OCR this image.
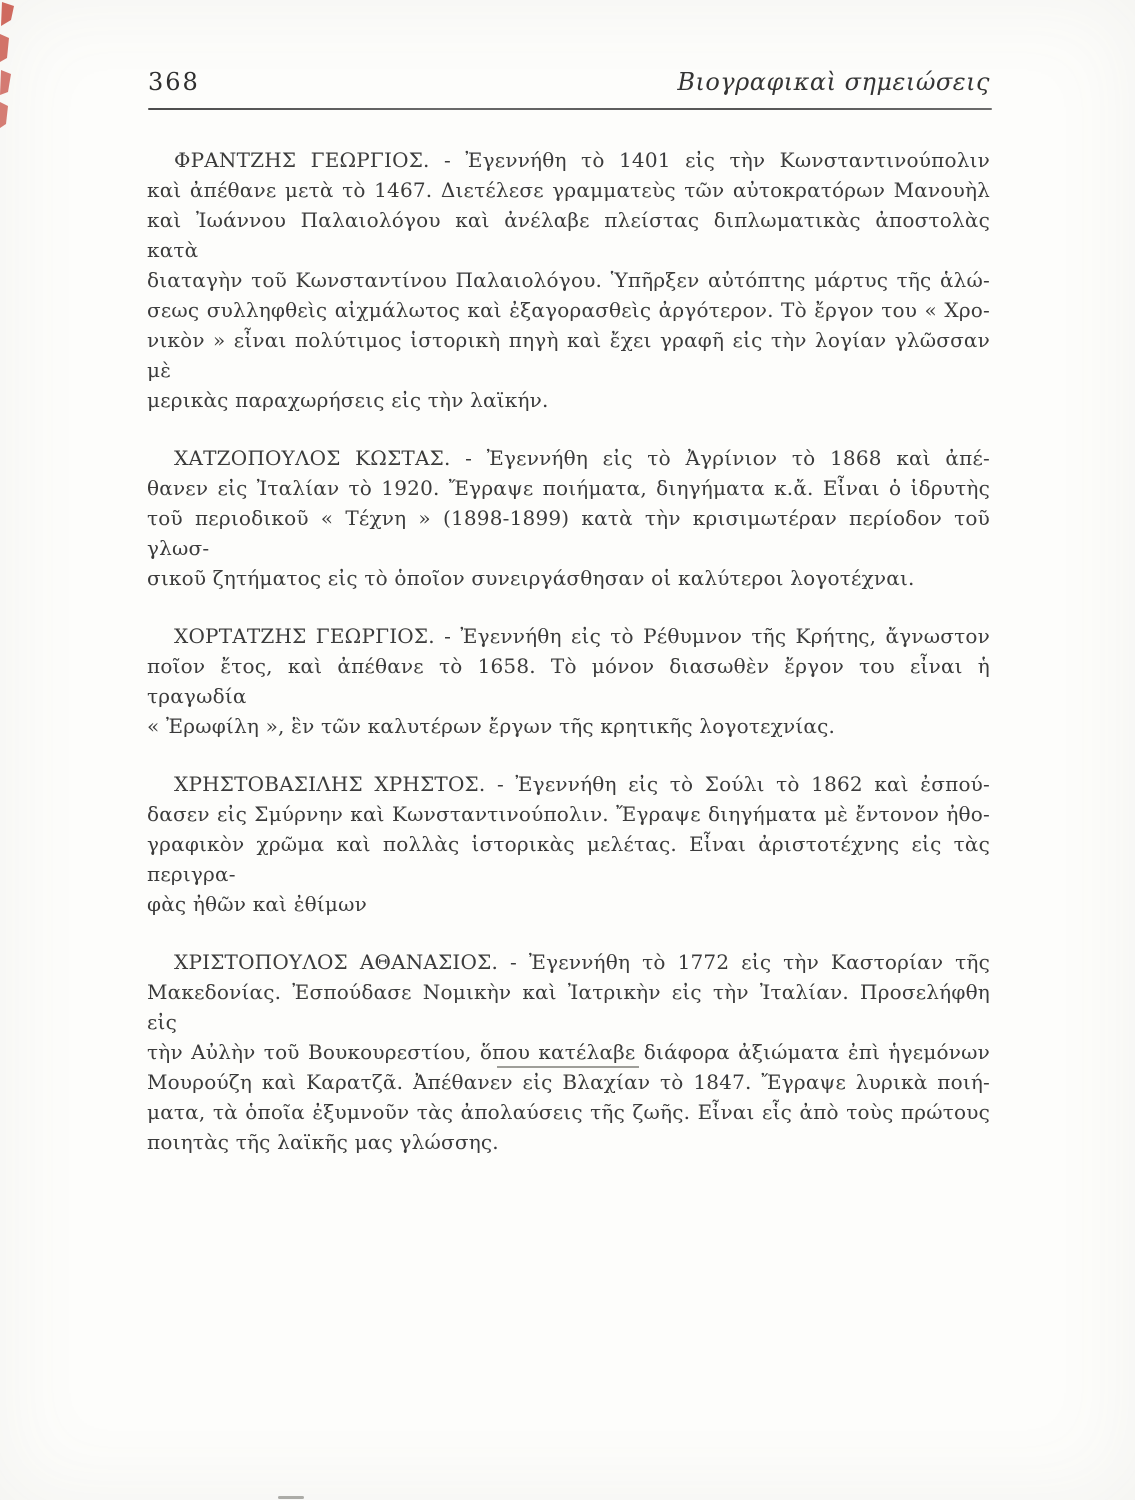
368	Βιογραφικαὶ σημειώσεις

ΦΡΑΝΤΖΗΣ ΓΕΩΡΓΙΟΣ. - Ἐγεννήθη τὸ 1401 εἰς τὴν Κωνσταντινούπολιν
καὶ ἀπέθανε μετὰ τὸ 1467. Διετέλεσε γραμματεὺς τῶν αὐτοκρατόρων Μανουὴλ
καὶ Ἰωάννου Παλαιολόγου καὶ ἀνέλαβε πλείστας διπλωματικὰς ἀποστολὰς κατὰ
διαταγὴν τοῦ Κωνσταντίνου Παλαιολόγου. Ὑπῆρξεν αὐτόπτης μάρτυς τῆς ἁλώ-
σεως συλληφθεὶς αἰχμάλωτος καὶ ἐξαγορασθεὶς ἀργότερον. Τὸ ἔργον του « Χρο-
νικὸν » εἶναι πολύτιμος ἱστορικὴ πηγὴ καὶ ἔχει γραφῆ εἰς τὴν λογίαν γλῶσσαν μὲ
μερικὰς παραχωρήσεις εἰς τὴν λαϊκήν.

ΧΑΤΖΟΠΟΥΛΟΣ ΚΩΣΤΑΣ. - Ἐγεννήθη εἰς τὸ Ἀγρίνιον τὸ 1868 καὶ ἀπέ-
θανεν εἰς Ἰταλίαν τὸ 1920. Ἔγραψε ποιήματα, διηγήματα κ.ἄ. Εἶναι ὁ ἱδρυτὴς
τοῦ περιοδικοῦ « Τέχνη » (1898-1899) κατὰ τὴν κρισιμωτέραν περίοδον τοῦ γλωσ-
σικοῦ ζητήματος εἰς τὸ ὁποῖον συνειργάσθησαν οἱ καλύτεροι λογοτέχναι.

ΧΟΡΤΑΤΖΗΣ ΓΕΩΡΓΙΟΣ. - Ἐγεννήθη εἰς τὸ Ρέθυμνον τῆς Κρήτης, ἄγνωστον
ποῖον ἔτος, καὶ ἀπέθανε τὸ 1658. Τὸ μόνον διασωθὲν ἔργον του εἶναι ἡ τραγωδία
« Ἐρωφίλη », ἓν τῶν καλυτέρων ἔργων τῆς κρητικῆς λογοτεχνίας.

ΧΡΗΣΤΟΒΑΣΙΛΗΣ ΧΡΗΣΤΟΣ. - Ἐγεννήθη εἰς τὸ Σούλι τὸ 1862 καὶ ἐσπού-
δασεν εἰς Σμύρνην καὶ Κωνσταντινούπολιν. Ἔγραψε διηγήματα μὲ ἔντονον ἠθο-
γραφικὸν χρῶμα καὶ πολλὰς ἱστορικὰς μελέτας. Εἶναι ἀριστοτέχνης εἰς τὰς περιγρα-
φὰς ἠθῶν καὶ ἐθίμων

ΧΡΙΣΤΟΠΟΥΛΟΣ ΑΘΑΝΑΣΙΟΣ. - Ἐγεννήθη τὸ 1772 εἰς τὴν Καστορίαν τῆς
Μακεδονίας. Ἐσπούδασε Νομικὴν καὶ Ἰατρικὴν εἰς τὴν Ἰταλίαν. Προσελήφθη εἰς
τὴν Αὐλὴν τοῦ Βουκουρεστίου, ὅπου κατέλαβε διάφορα ἀξιώματα ἐπὶ ἡγεμόνων
Μουρούζη καὶ Καρατζᾶ. Ἀπέθανεν εἰς Βλαχίαν τὸ 1847. Ἔγραψε λυρικὰ ποιή-
ματα, τὰ ὁποῖα ἐξυμνοῦν τὰς ἀπολαύσεις τῆς ζωῆς. Εἶναι εἷς ἀπὸ τοὺς πρώτους
ποιητὰς τῆς λαϊκῆς μας γλώσσης.
